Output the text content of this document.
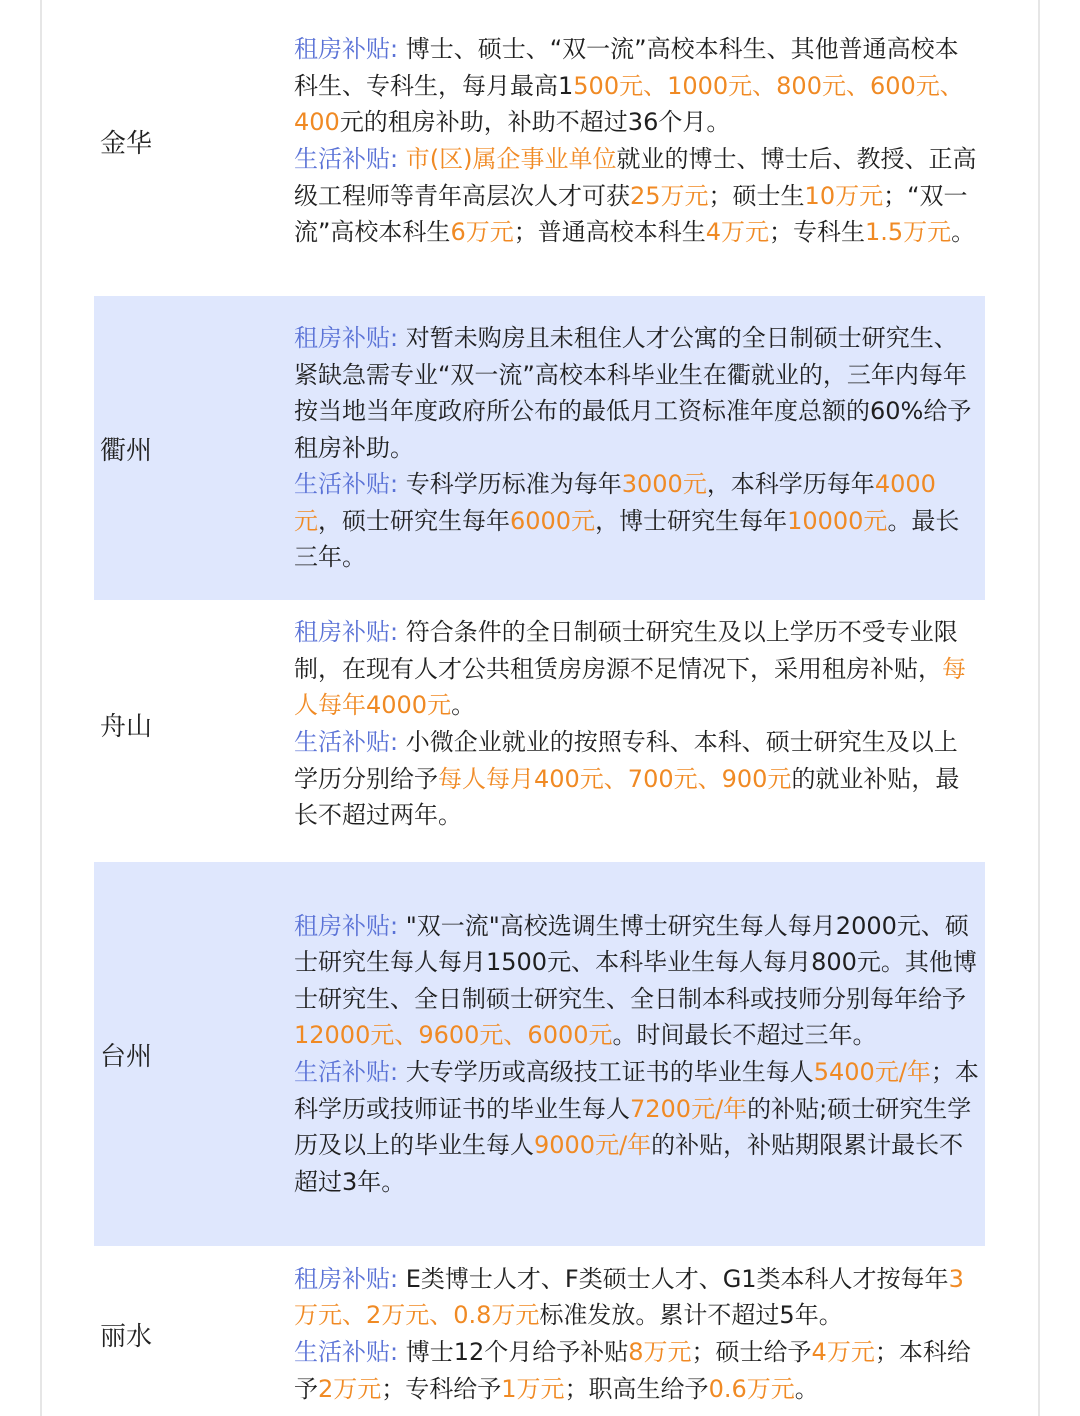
金华

租房补贴: 博士、硕士、“双一流”高校本科生、其他普通高校本科生、专科生，每月最高1500元、1000元、800元、600元、400元的租房补助，补助不超过36个月。

生活补贴: 市(区)属企事业单位就业的博士、博士后、教授、正高级工程师等青年高层次人才可获25万元；硕士生10万元；“双一流”高校本科生6万元；普通高校本科生4万元；专科生1.5万元。

衢州

租房补贴: 对暂未购房且未租住人才公寓的全日制硕士研究生、紧缺急需专业“双一流”高校本科毕业生在衢就业的，三年内每年按当地当年度政府所公布的最低月工资标准年度总额的60%给予租房补助。

生活补贴: 专科学历标准为每年3000元，本科学历每年4000元，硕士研究生每年6000元，博士研究生每年10000元。最长三年。

舟山

租房补贴: 符合条件的全日制硕士研究生及以上学历不受专业限制，在现有人才公共租赁房房源不足情况下，采用租房补贴，每人每年4000元。

生活补贴: 小微企业就业的按照专科、本科、硕士研究生及以上学历分别给予每人每月400元、700元、900元的就业补贴，最长不超过两年。

台州

租房补贴: "双一流"高校选调生博士研究生每人每月2000元、硕士研究生每人每月1500元、本科毕业生每人每月800元。其他博士研究生、全日制硕士研究生、全日制本科或技师分别每年给予12000元、9600元、6000元。时间最长不超过三年。

生活补贴: 大专学历或高级技工证书的毕业生每人5400元/年；本科学历或技师证书的毕业生每人7200元/年的补贴;硕士研究生学历及以上的毕业生每人9000元/年的补贴，补贴期限累计最长不超过3年。

丽水

租房补贴: E类博士人才、F类硕士人才、G1类本科人才按每年3万元、2万元、0.8万元标准发放。累计不超过5年。

生活补贴: 博士12个月给予补贴8万元；硕士给予4万元；本科给予2万元；专科给予1万元；职高生给予0.6万元。
